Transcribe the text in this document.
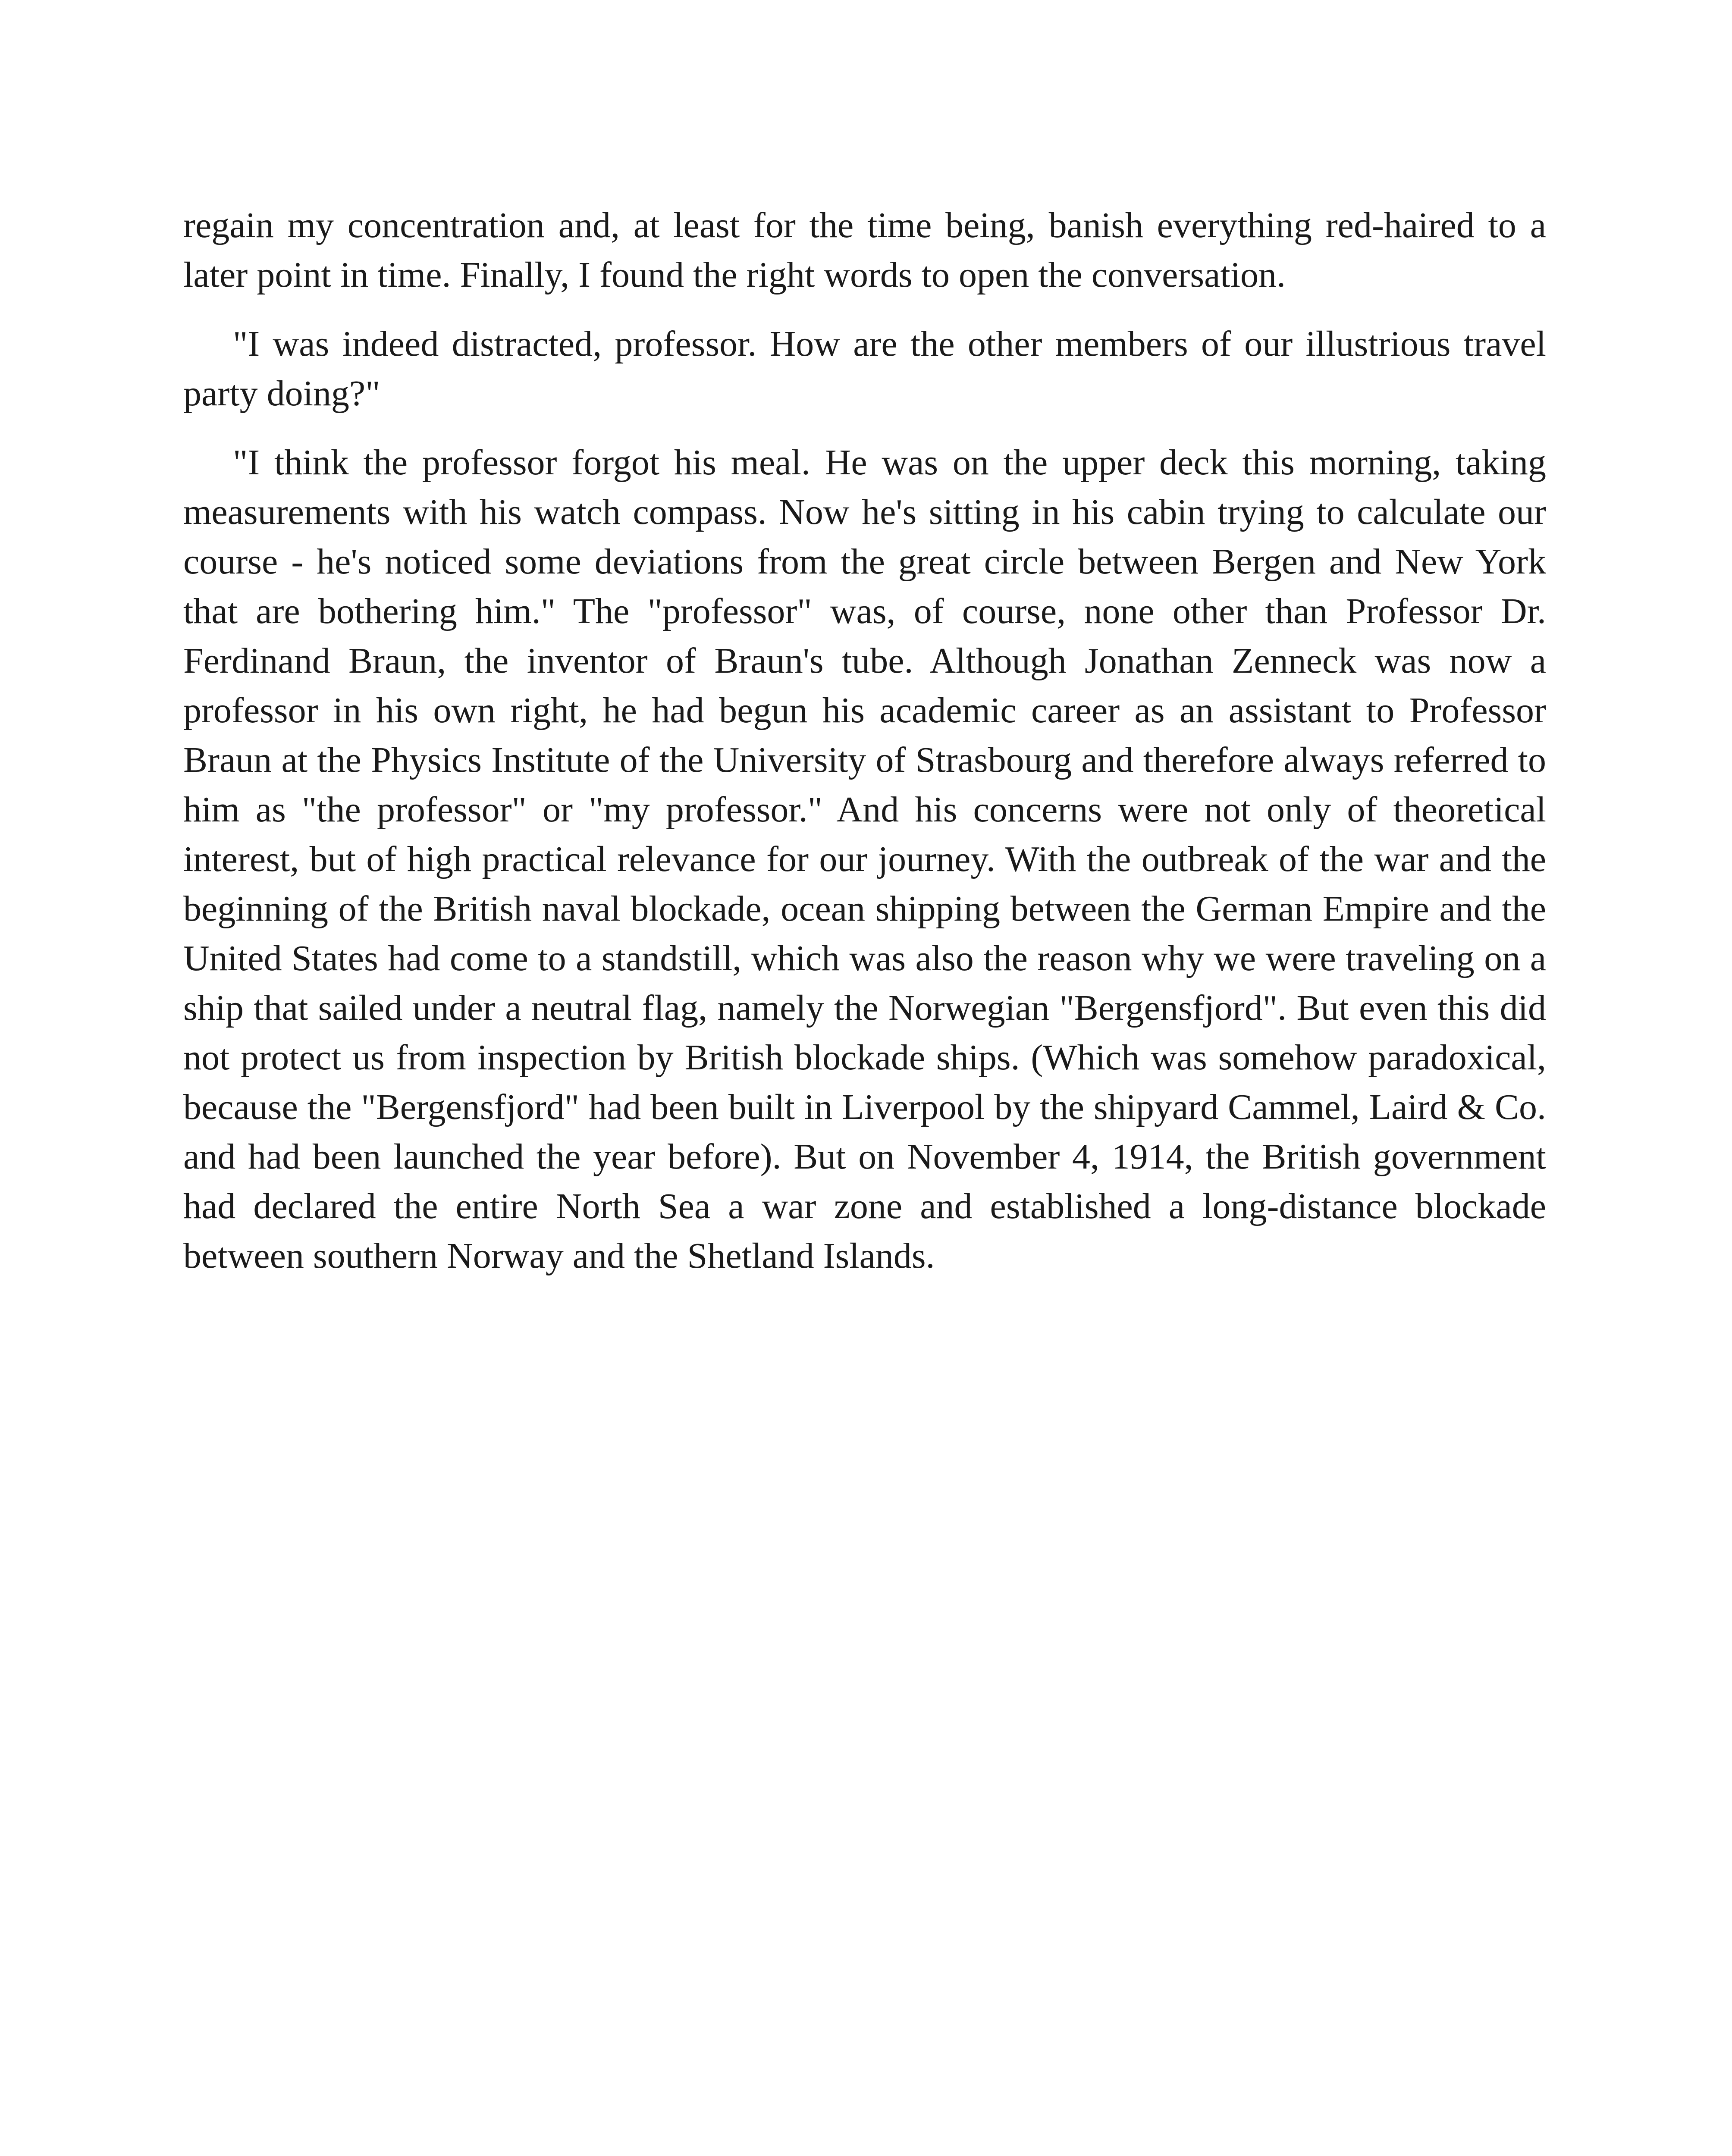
regain my concentration and, at least for the time being, banish everything red-haired to a later point in time. Finally, I found the right words to open the conversation.

"I was indeed distracted, professor. How are the other members of our illustrious travel party doing?"

"I think the professor forgot his meal. He was on the upper deck this morning, taking measurements with his watch compass. Now he's sitting in his cabin trying to calculate our course - he's noticed some deviations from the great circle between Bergen and New York that are bothering him." The "professor" was, of course, none other than Professor Dr. Ferdinand Braun, the inventor of Braun's tube. Although Jonathan Zenneck was now a professor in his own right, he had begun his academic career as an assistant to Professor Braun at the Physics Institute of the University of Strasbourg and therefore always referred to him as "the professor" or "my professor." And his concerns were not only of theoretical interest, but of high practical relevance for our journey. With the outbreak of the war and the beginning of the British naval blockade, ocean shipping between the German Empire and the United States had come to a standstill, which was also the reason why we were traveling on a ship that sailed under a neutral flag, namely the Norwegian "Bergensfjord". But even this did not protect us from inspection by British blockade ships. (Which was somehow paradoxical, because the "Bergensfjord" had been built in Liverpool by the shipyard Cammel, Laird & Co. and had been launched the year before). But on November 4, 1914, the British government had declared the entire North Sea a war zone and established a long-distance blockade between southern Norway and the Shetland Islands.
